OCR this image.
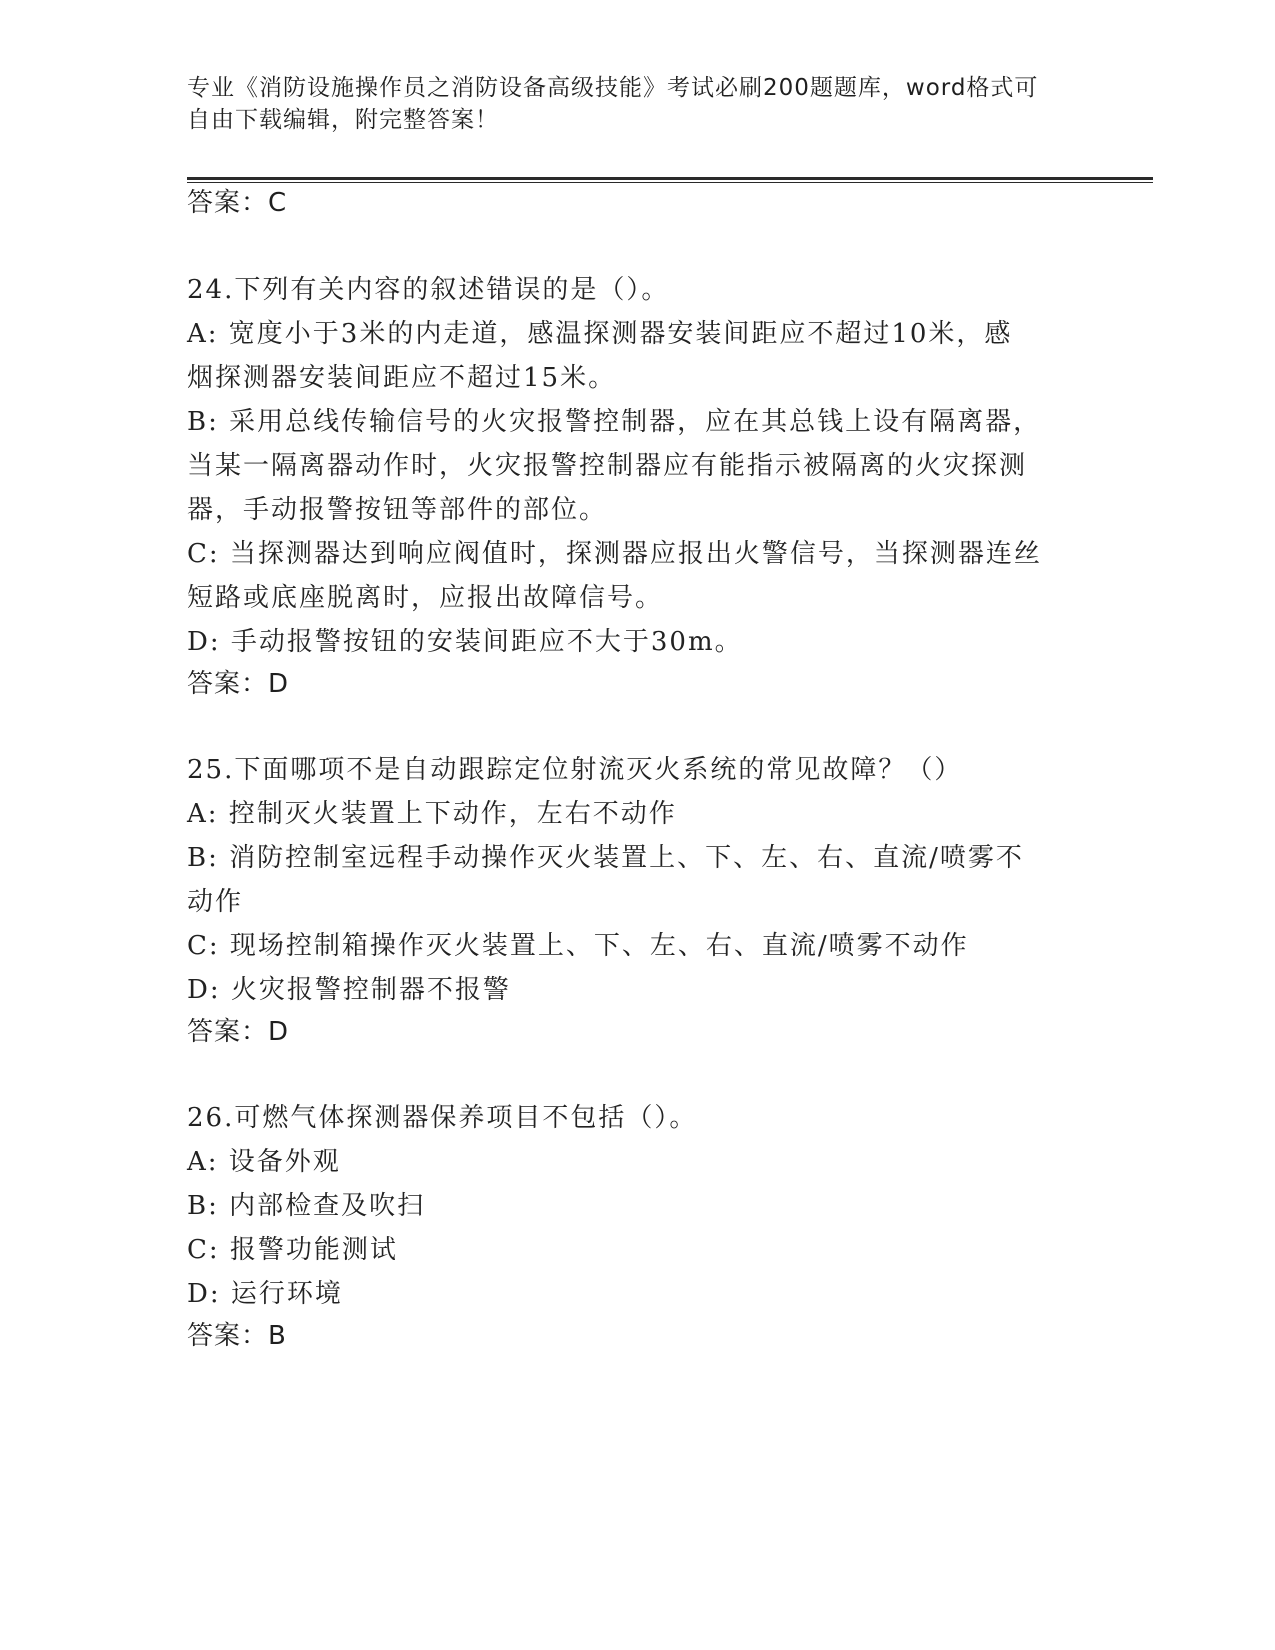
专业《消防设施操作员之消防设备高级技能》考试必刷200题题库，word格式可
自由下载编辑，附完整答案！
答案：C
24.下列有关内容的叙述错误的是（）。
A: 宽度小于3米的内走道，感温探测器安装间距应不超过10米，感
烟探测器安装间距应不超过15米。
B: 采用总线传输信号的火灾报警控制器，应在其总钱上设有隔离器，
当某一隔离器动作时，火灾报警控制器应有能指示被隔离的火灾探测
器，手动报警按钮等部件的部位。
C: 当探测器达到响应阀值时，探测器应报出火警信号，当探测器连丝
短路或底座脱离时，应报出故障信号。
D: 手动报警按钮的安装间距应不大于30m。
答案：D
25.下面哪项不是自动跟踪定位射流灭火系统的常见故障？（）
A: 控制灭火装置上下动作，左右不动作
B: 消防控制室远程手动操作灭火装置上、下、左、右、直流/喷雾不
动作
C: 现场控制箱操作灭火装置上、下、左、右、直流/喷雾不动作
D: 火灾报警控制器不报警
答案：D
26.可燃气体探测器保养项目不包括（）。
A: 设备外观
B: 内部检查及吹扫
C: 报警功能测试
D: 运行环境
答案：B
